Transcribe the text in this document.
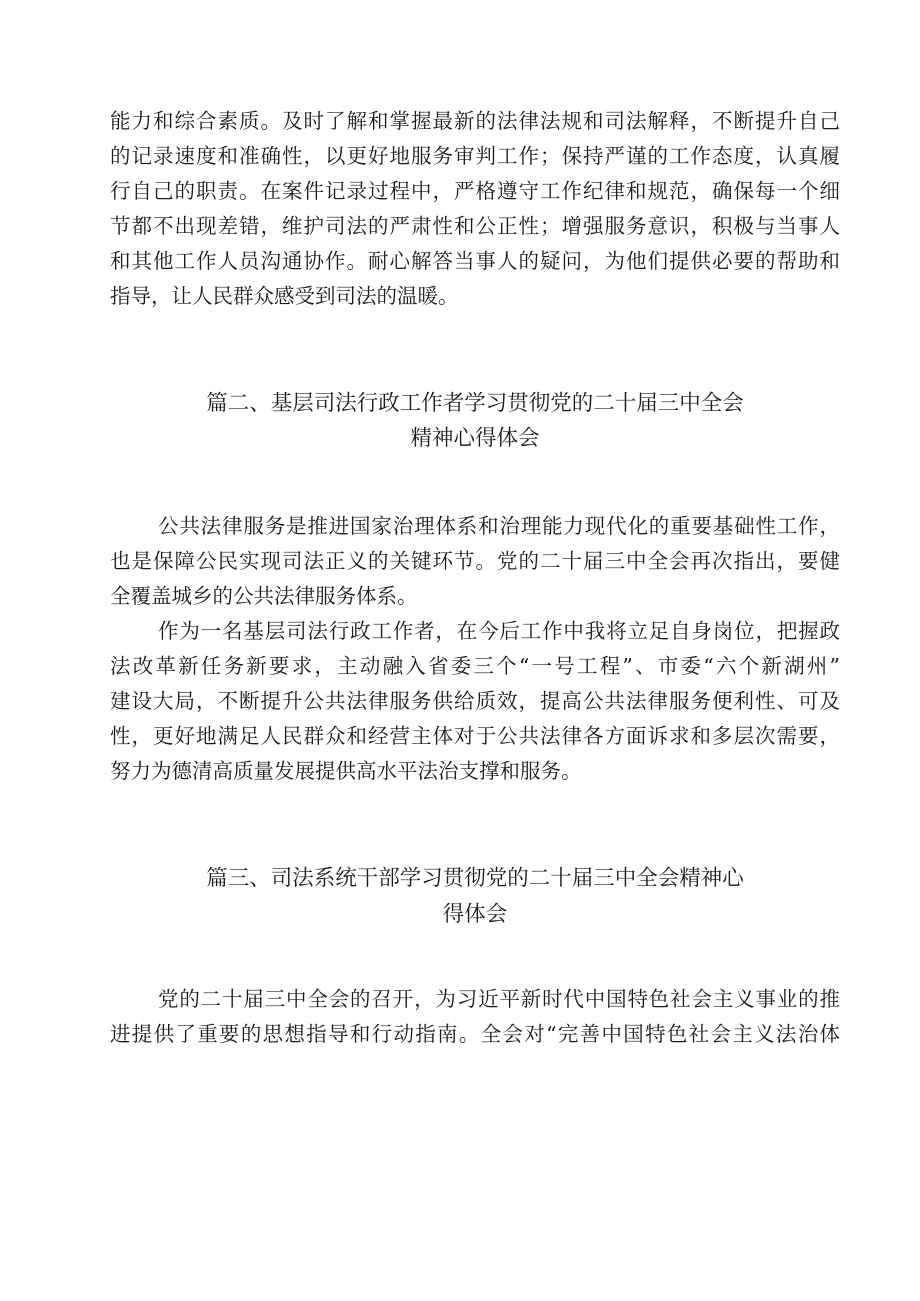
能力和综合素质。及时了解和掌握最新的法律法规和司法解释，不断提升自己
的记录速度和准确性，以更好地服务审判工作；保持严谨的工作态度，认真履
行自己的职责。在案件记录过程中，严格遵守工作纪律和规范，确保每一个细
节都不出现差错，维护司法的严肃性和公正性；增强服务意识，积极与当事人
和其他工作人员沟通协作。耐心解答当事人的疑问，为他们提供必要的帮助和
指导，让人民群众感受到司法的温暖。
篇二、基层司法行政工作者学习贯彻党的二十届三中全会
精神心得体会
公共法律服务是推进国家治理体系和治理能力现代化的重要基础性工作，
也是保障公民实现司法正义的关键环节。党的二十届三中全会再次指出，要健
全覆盖城乡的公共法律服务体系。
作为一名基层司法行政工作者，在今后工作中我将立足自身岗位，把握政
法改革新任务新要求，主动融入省委三个“一号工程”、市委“六个新湖州”
建设大局，不断提升公共法律服务供给质效，提高公共法律服务便利性、可及
性，更好地满足人民群众和经营主体对于公共法律各方面诉求和多层次需要，
努力为德清高质量发展提供高水平法治支撑和服务。
篇三、司法系统干部学习贯彻党的二十届三中全会精神心
得体会
党的二十届三中全会的召开，为习近平新时代中国特色社会主义事业的推
进提供了重要的思想指导和行动指南。全会对“完善中国特色社会主义法治体
